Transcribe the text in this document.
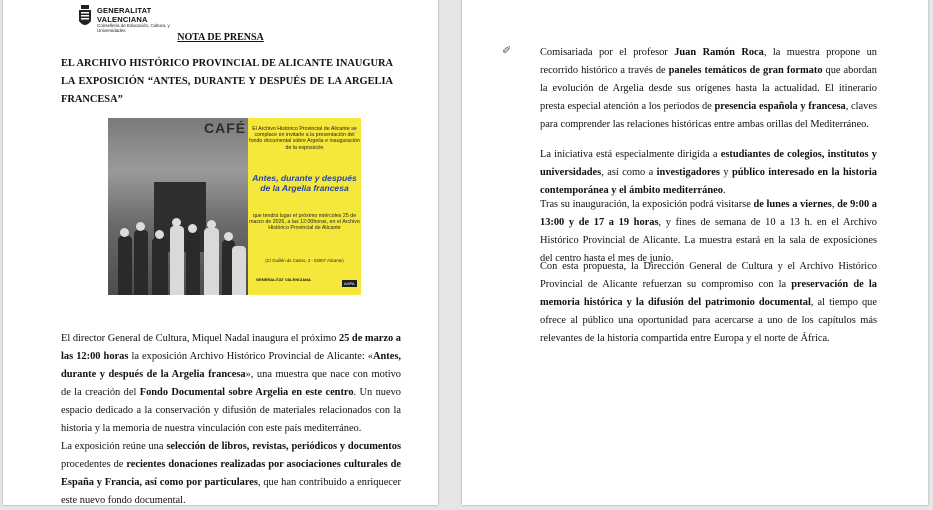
GENERALITAT
VALENCIANA
Conselleria de Educación, Cultura, y Universidades
NOTA DE PRENSA
EL ARCHIVO HISTÓRICO PROVINCIAL DE ALICANTE INAUGURA LA EXPOSICIÓN “ANTES, DURANTE Y DESPUÉS DE LA ARGELIA FRANCESA”
CAFÉ	El Archivo Histórico Provincial de Alicante se complace en invitarle a la presentación del fondo documental sobre Argelia e inauguración de la exposición
Antes, durante y después de la Argelia francesa
que tendrá lugar el próximo miércoles 25 de marzo de 2026, a las 12:00horas, en el Archivo Histórico Provincial de Alicante
(C/ Guillén de Castro, 3 - 03007 Alicante)
GENERALITAT VALENCIANA
AHPA
El director General de Cultura, Miquel Nadal inaugura el próximo 25 de marzo a las 12:00 horas la exposición Archivo Histórico Provincial de Alicante: «Antes, durante y después de la Argelia francesa», una muestra que nace con motivo de la creación del Fondo Documental sobre Argelia en este centro. Un nuevo espacio dedicado a la conservación y difusión de materiales relacionados con la historia y la memoria de nuestra vinculación con este país mediterráneo.
La exposición reúne una selección de libros, revistas, periódicos y documentos procedentes de recientes donaciones realizadas por asociaciones culturales de España y Francia, así como por particulares, que han contribuido a enriquecer este nuevo fondo documental.
✐	Comisariada por el profesor Juan Ramón Roca, la muestra propone un recorrido histórico a través de paneles temáticos de gran formato que abordan la evolución de Argelia desde sus orígenes hasta la actualidad. El itinerario presta especial atención a los periodos de presencia española y francesa, claves para comprender las relaciones históricas entre ambas orillas del Mediterráneo.
La iniciativa está especialmente dirigida a estudiantes de colegios, institutos y universidades, así como a investigadores y público interesado en la historia contemporánea y el ámbito mediterráneo.
Tras su inauguración, la exposición podrá visitarse de lunes a viernes, de 9:00 a 13:00 y de 17 a 19 horas, y fines de semana de 10 a 13 h. en el Archivo Histórico Provincial de Alicante. La muestra estará en la sala de exposiciones del centro hasta el mes de junio.
Con esta propuesta, la Dirección General de Cultura y el Archivo Histórico Provincial de Alicante refuerzan su compromiso con la preservación de la memoria histórica y la difusión del patrimonio documental, al tiempo que ofrece al público una oportunidad para acercarse a uno de los capítulos más relevantes de la historia compartida entre Europa y el norte de África.
